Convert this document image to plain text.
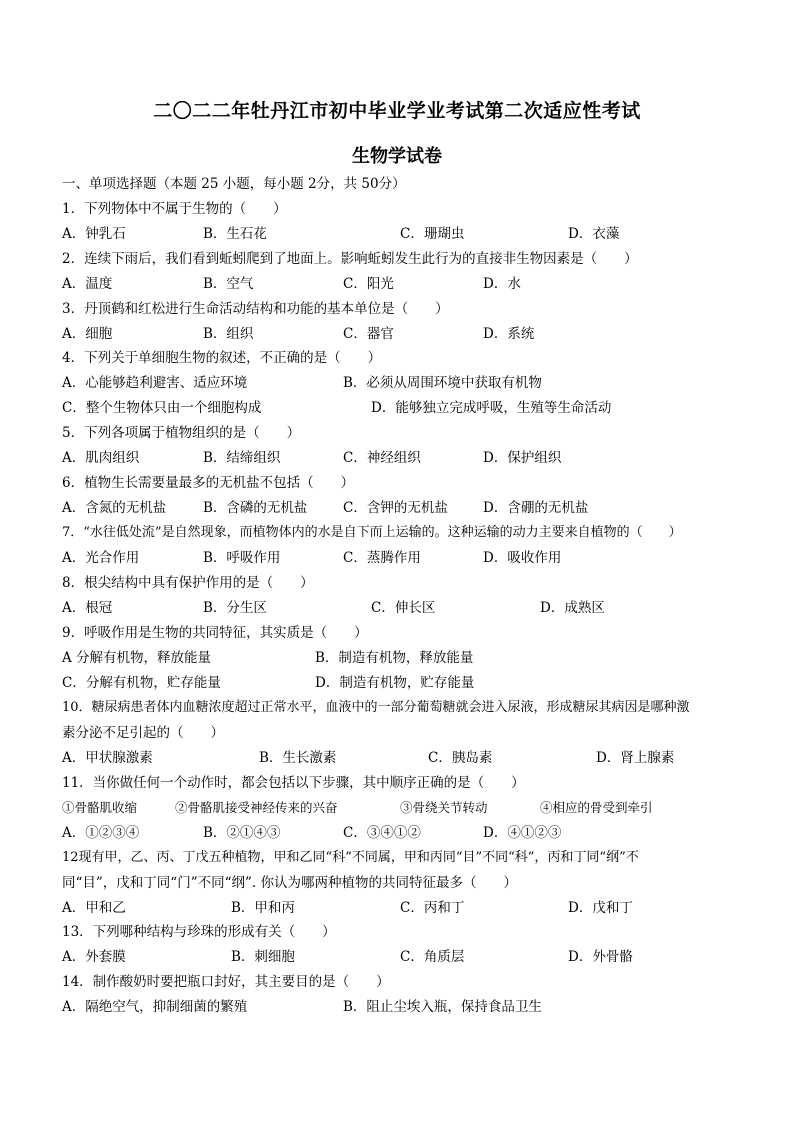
二〇二二年牡丹江市初中毕业学业考试第二次适应性考试
生物学试卷
一、单项选择题（本题 25 小题，每小题 2分，共 50分）
1．下列物体中不属于生物的（　　）
A．钟乳石	B．生石花	C．珊瑚虫	D．衣藻
2．连续下雨后，我们看到蚯蚓爬到了地面上。影响蚯蚓发生此行为的直接非生物因素是（　　）
A．温度	B．空气	C．阳光	D．水
3．丹顶鹤和红松进行生命活动结构和功能的基本单位是（　　）
A．细胞	B．组织	C．器官	D．系统
4．下列关于单细胞生物的叙述，不正确的是（　　）
A．心能够趋利避害、适应环境	B．必须从周围环境中获取有机物
C．整个生物体只由一个细胞构成	D．能够独立完成呼吸，生殖等生命活动
5．下列各项属于植物组织的是（　　）
A．肌肉组织	B．结缔组织	C．神经组织	D．保护组织
6．植物生长需要量最多的无机盐不包括（　　）
A．含氮的无机盐	B．含磷的无机盐	C．含钾的无机盐	D．含硼的无机盐
7．“水往低处流”是自然现象，而植物体内的水是自下而上运输的。这种运输的动力主要来自植物的（　　）
A．光合作用	B．呼吸作用	C．蒸腾作用	D．吸收作用
8．根尖结构中具有保护作用的是（　　）
A．根冠	B．分生区	C．伸长区	D．成熟区
9．呼吸作用是生物的共同特征，其实质是（　　）
A 分解有机物，释放能量	B．制造有机物，释放能量
C．分解有机物，贮存能量	D．制造有机物，贮存能量
10．糖尿病患者体内血糖浓度超过正常水平，血液中的一部分葡萄糖就会进入尿液，形成糖尿其病因是哪种激
素分泌不足引起的（　　）
A．甲状腺激素	B．生长激素	C．胰岛素	D．肾上腺素
11．当你做任何一个动作时，都会包括以下步骤，其中顺序正确的是（　　）
①骨骼肌收缩	②骨骼肌接受神经传来的兴奋	③骨绕关节转动	④相应的骨受到牵引
A．①②③④	B．②①④③	C．③④①②	D．④①②③
12现有甲，乙、丙、丁戊五种植物，甲和乙同“科”不同属，甲和丙同“目”不同“科”，丙和丁同“纲”不
同“目”，戊和丁同“门”不同“纲”. 你认为哪两种植物的共同特征最多（　　）
A．甲和乙	B．甲和丙	C．丙和丁	D．戊和丁
13．下列哪种结构与珍珠的形成有关（　　）
A．外套膜	B．刺细胞	C．角质层	D．外骨骼
14．制作酸奶时要把瓶口封好，其主要目的是（　　）
A．隔绝空气，抑制细菌的繁殖	B．阻止尘埃入瓶，保持食品卫生
